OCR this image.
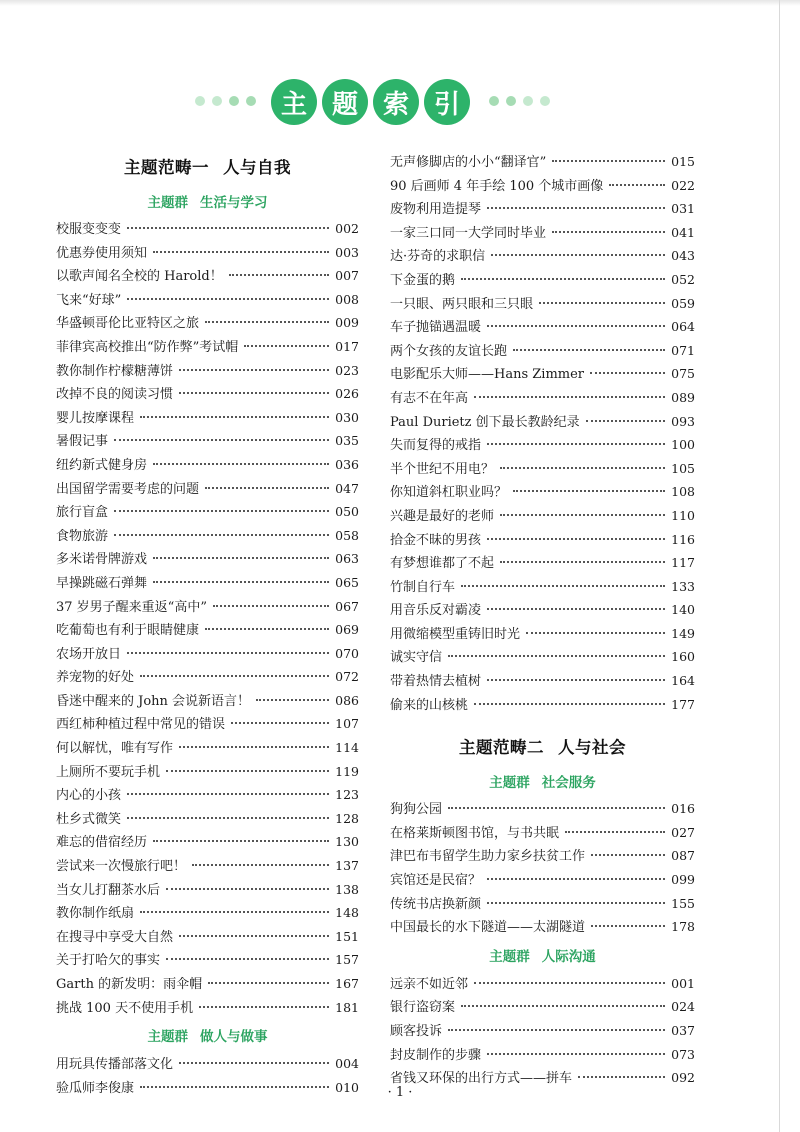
主 题 索 引
主题范畴一 人与自我
主题群 生活与学习
校服变变变	002
优惠券使用须知	003
以歌声闻名全校的 Harold！	007
飞来“好球”	008
华盛顿哥伦比亚特区之旅	009
菲律宾高校推出“防作弊”考试帽	017
教你制作柠檬糖薄饼	023
改掉不良的阅读习惯	026
婴儿按摩课程	030
暑假记事	035
纽约新式健身房	036
出国留学需要考虑的问题	047
旅行盲盒	050
食物旅游	058
多米诺骨牌游戏	063
早操跳磁石弹舞	065
37 岁男子醒来重返“高中”	067
吃葡萄也有利于眼睛健康	069
农场开放日	070
养宠物的好处	072
昏迷中醒来的 John 会说新语言！	086
西红柿种植过程中常见的错误	107
何以解忧，唯有写作	114
上厕所不要玩手机	119
内心的小孩	123
杜乡式微笑	128
难忘的借宿经历	130
尝试来一次慢旅行吧！	137
当女儿打翻茶水后	138
教你制作纸扇	148
在搜寻中享受大自然	151
关于打哈欠的事实	157
Garth 的新发明：雨伞帽	167
挑战 100 天不使用手机	181
主题群 做人与做事
用玩具传播部落文化	004
验瓜师李俊康	010
无声修脚店的小小“翻译官”	015
90 后画师 4 年手绘 100 个城市画像	022
废物利用造提琴	031
一家三口同一大学同时毕业	041
达·芬奇的求职信	043
下金蛋的鹅	052
一只眼、两只眼和三只眼	059
车子抛锚遇温暖	064
两个女孩的友谊长跑	071
电影配乐大师——Hans Zimmer	075
有志不在年高	089
Paul Durietz 创下最长教龄纪录	093
失而复得的戒指	100
半个世纪不用电？	105
你知道斜杠职业吗？	108
兴趣是最好的老师	110
拾金不昧的男孩	116
有梦想谁都了不起	117
竹制自行车	133
用音乐反对霸凌	140
用微缩模型重铸旧时光	149
诚实守信	160
带着热情去植树	164
偷来的山核桃	177
主题范畴二 人与社会
主题群 社会服务
狗狗公园	016
在格莱斯顿图书馆，与书共眠	027
津巴布韦留学生助力家乡扶贫工作	087
宾馆还是民宿？	099
传统书店换新颜	155
中国最长的水下隧道——太湖隧道	178
主题群 人际沟通
远亲不如近邻	001
银行盗窃案	024
顾客投诉	037
封皮制作的步骤	073
省钱又环保的出行方式——拼车	092
· 1 ·
